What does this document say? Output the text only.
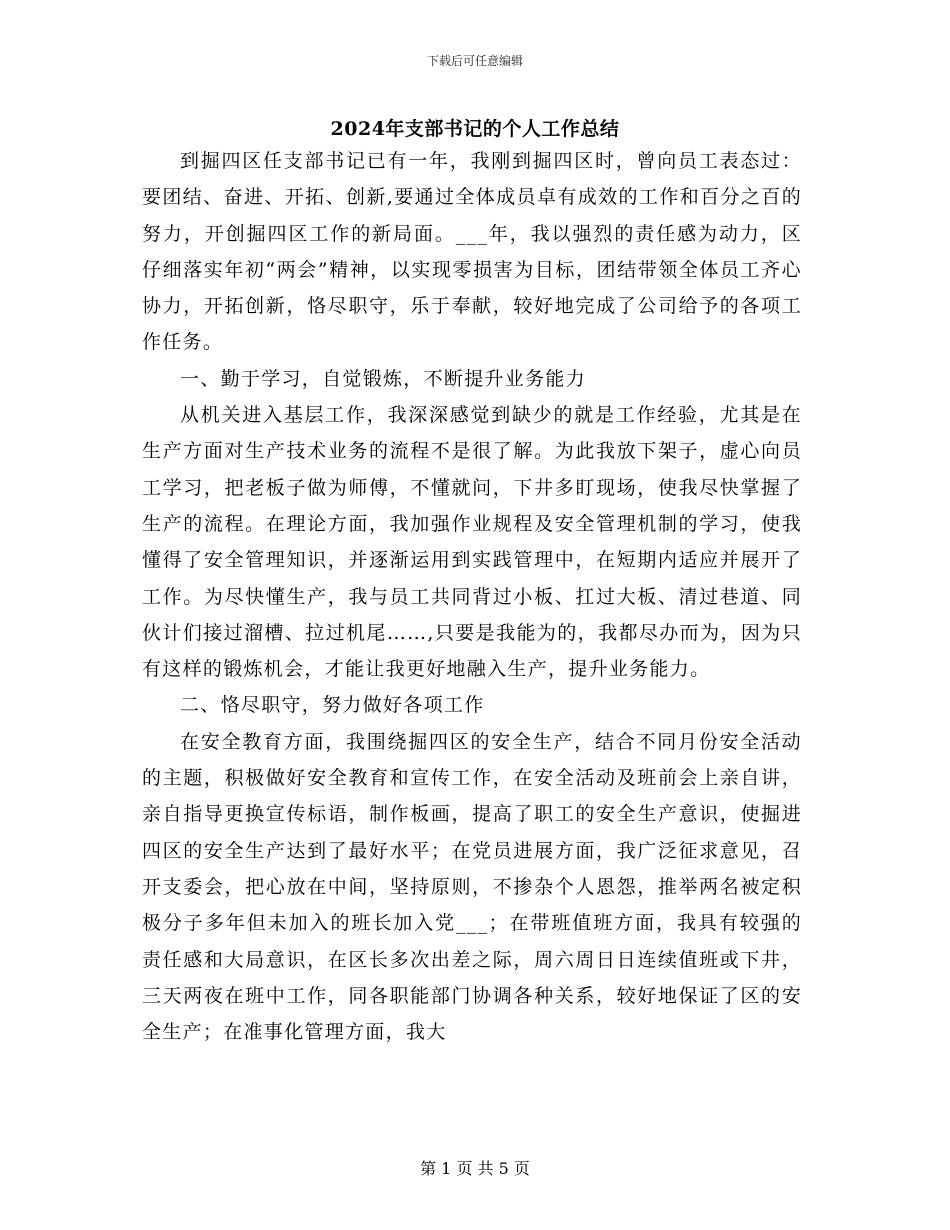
下载后可任意编辑
2024年支部书记的个人工作总结

到掘四区任支部书记已有一年，我刚到掘四区时，曾向员工表态过：要团结、奋进、开拓、创新,要通过全体成员卓有成效的工作和百分之百的努力，开创掘四区工作的新局面。___年，我以强烈的责任感为动力，区仔细落实年初“两会”精神，以实现零损害为目标，团结带领全体员工齐心协力，开拓创新，恪尽职守，乐于奉献，较好地完成了公司给予的各项工作任务。

一、勤于学习，自觉锻炼，不断提升业务能力

从机关进入基层工作，我深深感觉到缺少的就是工作经验，尤其是在生产方面对生产技术业务的流程不是很了解。为此我放下架子，虚心向员工学习，把老板子做为师傅，不懂就问，下井多盯现场，使我尽快掌握了生产的流程。在理论方面，我加强作业规程及安全管理机制的学习，使我懂得了安全管理知识，并逐渐运用到实践管理中，在短期内适应并展开了工作。为尽快懂生产，我与员工共同背过小板、扛过大板、清过巷道、同伙计们接过溜槽、拉过机尾……,只要是我能为的，我都尽办而为，因为只有这样的锻炼机会，才能让我更好地融入生产，提升业务能力。

二、恪尽职守，努力做好各项工作

在安全教育方面，我围绕掘四区的安全生产，结合不同月份安全活动的主题，积极做好安全教育和宣传工作，在安全活动及班前会上亲自讲，亲自指导更换宣传标语，制作板画，提高了职工的安全生产意识，使掘进四区的安全生产达到了最好水平；在党员进展方面，我广泛征求意见，召开支委会，把心放在中间，坚持原则，不掺杂个人恩怨，推举两名被定积极分子多年但未加入的班长加入党___；在带班值班方面，我具有较强的责任感和大局意识，在区长多次出差之际，周六周日日连续值班或下井，三天两夜在班中工作，同各职能部门协调各种关系，较好地保证了区的安全生产；在准事化管理方面，我大

第 1 页 共 5 页
